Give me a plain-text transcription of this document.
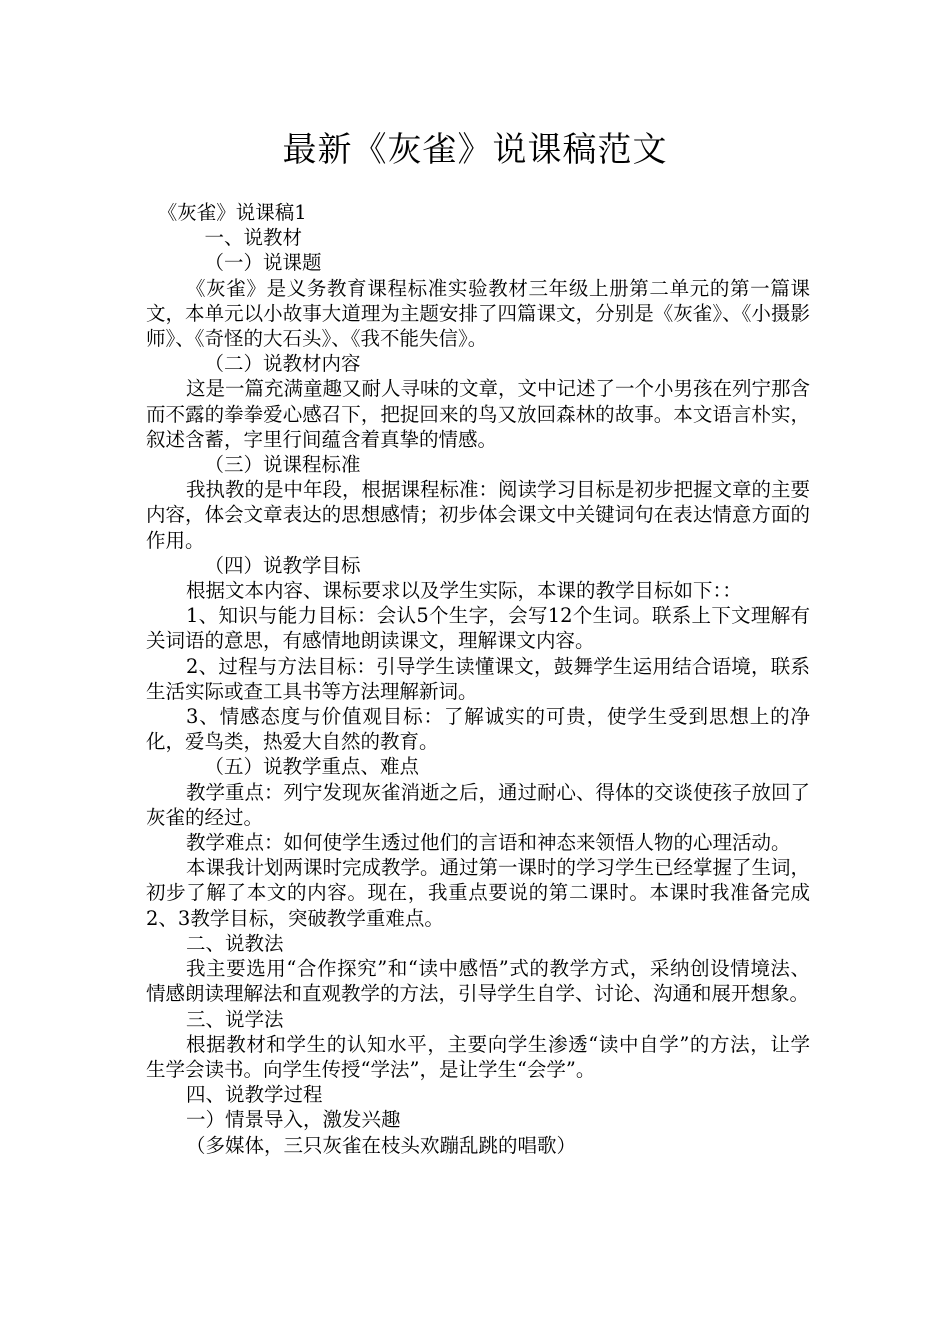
最新《灰雀》说课稿范文

《灰雀》说课稿1

一、说教材

（一）说课题

《灰雀》是义务教育课程标准实验教材三年级上册第二单元的第一篇课文，本单元以小故事大道理为主题安排了四篇课文，分别是《灰雀》、《小摄影师》、《奇怪的大石头》、《我不能失信》。

（二）说教材内容

这是一篇充满童趣又耐人寻味的文章，文中记述了一个小男孩在列宁那含而不露的拳拳爱心感召下，把捉回来的鸟又放回森林的故事。本文语言朴实，叙述含蓄，字里行间蕴含着真挚的情感。

（三）说课程标准

我执教的是中年段，根据课程标准：阅读学习目标是初步把握文章的主要内容，体会文章表达的思想感情；初步体会课文中关键词句在表达情意方面的作用。

（四）说教学目标

根据文本内容、课标要求以及学生实际，本课的教学目标如下：：

1、知识与能力目标：会认5个生字，会写12个生词。联系上下文理解有关词语的意思，有感情地朗读课文，理解课文内容。

2、过程与方法目标：引导学生读懂课文，鼓舞学生运用结合语境，联系生活实际或查工具书等方法理解新词。

3、情感态度与价值观目标：了解诚实的可贵，使学生受到思想上的净化，爱鸟类，热爱大自然的教育。

（五）说教学重点、难点

教学重点：列宁发现灰雀消逝之后，通过耐心、得体的交谈使孩子放回了灰雀的经过。

教学难点：如何使学生透过他们的言语和神态来领悟人物的心理活动。

本课我计划两课时完成教学。通过第一课时的学习学生已经掌握了生词，初步了解了本文的内容。现在，我重点要说的第二课时。本课时我准备完成2、3教学目标，突破教学重难点。

二、说教法

我主要选用“合作探究”和“读中感悟”式的教学方式，采纳创设情境法、情感朗读理解法和直观教学的方法，引导学生自学、讨论、沟通和展开想象。

三、说学法

根据教材和学生的认知水平，主要向学生渗透“读中自学”的方法，让学生学会读书。向学生传授“学法”，是让学生“会学”。

四、说教学过程

一）情景导入，激发兴趣

（多媒体，三只灰雀在枝头欢蹦乱跳的唱歌）
